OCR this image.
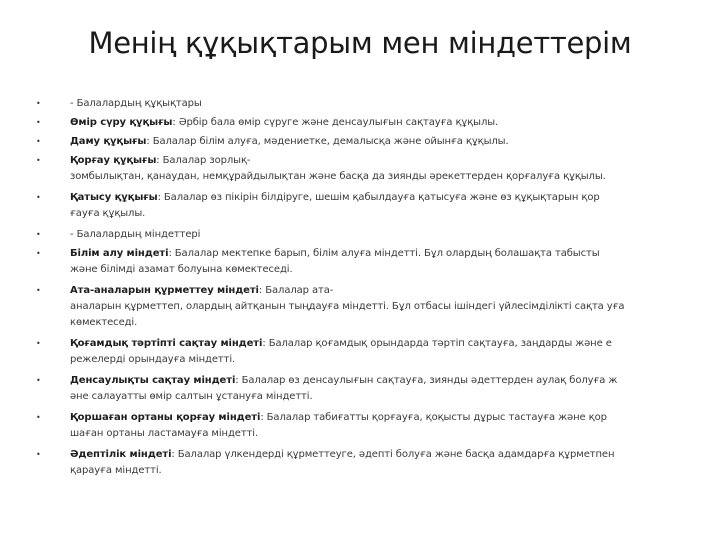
Менің құқықтарым мен міндеттерім
•	- Балалардың құқықтары
•	Өмір сүру құқығы: Әрбір бала өмір сүруге және денсаулығын сақтауға құқылы.
•	Даму құқығы: Балалар білім алуға, мәдениетке, демалысқа және ойынға құқылы.
•	Қорғау құқығы: Балалар зорлық-
зомбылықтан, қанаудан, немқұрайдылықтан және басқа да зиянды әрекеттерден қорғалуға құқылы.
•	Қатысу құқығы: Балалар өз пікірін білдіруге, шешім қабылдауға қатысуға және өз құқықтарын қор
ғауға құқылы.
•	- Балалардың міндеттері
•	Білім алу міндеті: Балалар мектепке барып, білім алуға міндетті. Бұл олардың болашақта табысты
және білімді азамат болуына көмектеседі.
•	Ата-аналарын құрметтеу міндеті: Балалар ата-
аналарын құрметтеп, олардың айтқанын тыңдауға міндетті. Бұл отбасы ішіндегі үйлесімділікті сақта уға көмектеседі.
•	Қоғамдық тәртіпті сақтау міндеті: Балалар қоғамдық орындарда тәртіп сақтауға, заңдарды және е
режелерді орындауға міндетті.
•	Денсаулықты сақтау міндеті: Балалар өз денсаулығын сақтауға, зиянды әдеттерден аулақ болуға ж
әне салауатты өмір салтын ұстануға міндетті.
•	Қоршаған ортаны қорғау міндеті: Балалар табиғатты қорғауға, қоқысты дұрыс тастауға және қор
шаған ортаны ластамауға міндетті.
•	Әдептілік міндеті: Балалар үлкендерді құрметтеуге, әдепті болуға және басқа адамдарға құрметпен
қарауға міндетті.
